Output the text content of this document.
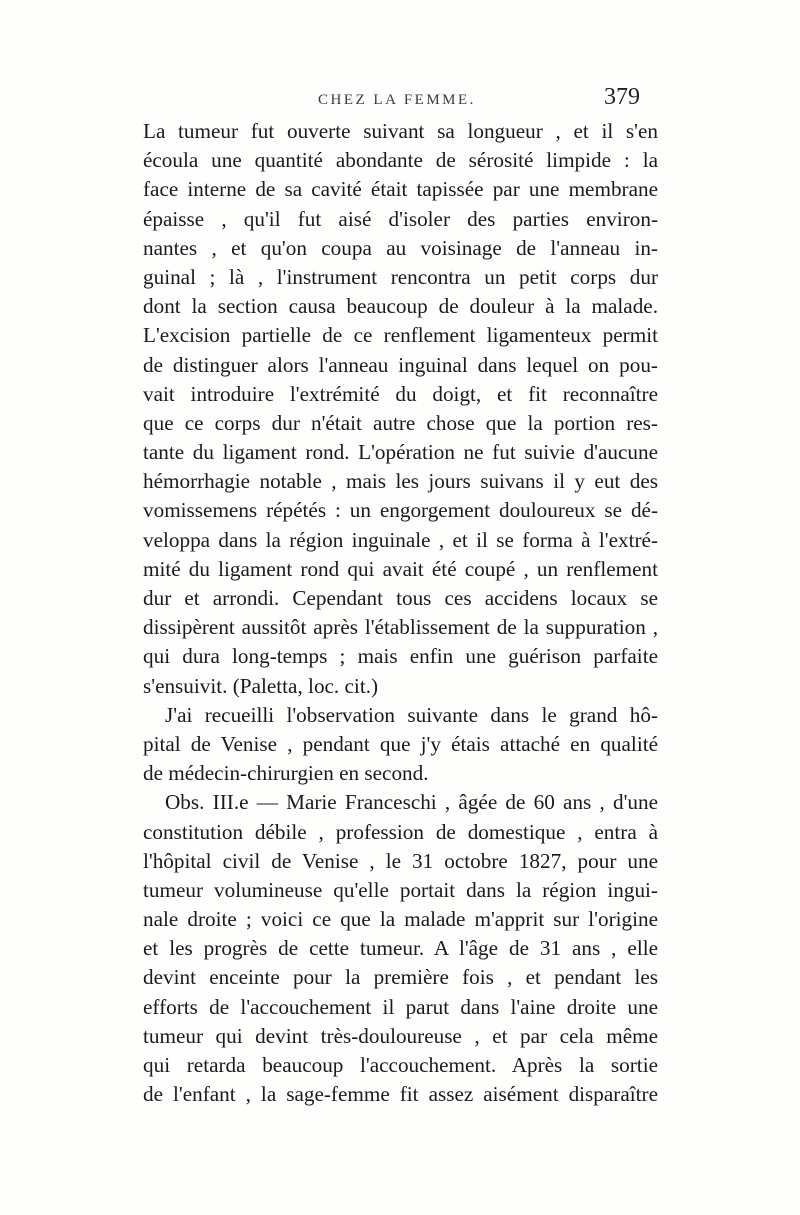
CHEZ LA FEMME.	379
La tumeur fut ouverte suivant sa longueur , et il s'en
écoula une quantité abondante de sérosité limpide : la
face interne de sa cavité était tapissée par une membrane
épaisse , qu'il fut aisé d'isoler des parties environ-
nantes , et qu'on coupa au voisinage de l'anneau in-
guinal ; là , l'instrument rencontra un petit corps dur
dont la section causa beaucoup de douleur à la malade.
L'excision partielle de ce renflement ligamenteux permit
de distinguer alors l'anneau inguinal dans lequel on pou-
vait introduire l'extrémité du doigt, et fit reconnaître
que ce corps dur n'était autre chose que la portion res-
tante du ligament rond. L'opération ne fut suivie d'aucune
hémorrhagie notable , mais les jours suivans il y eut des
vomissemens répétés : un engorgement douloureux se dé-
veloppa dans la région inguinale , et il se forma à l'extré-
mité du ligament rond qui avait été coupé , un renflement
dur et arrondi. Cependant tous ces accidens locaux se
dissipèrent aussitôt après l'établissement de la suppuration ,
qui dura long-temps ; mais enfin une guérison parfaite
s'ensuivit. (Paletta, loc. cit.)
J'ai recueilli l'observation suivante dans le grand hô-
pital de Venise , pendant que j'y étais attaché en qualité
de médecin-chirurgien en second.
Obs. III.e — Marie Franceschi , âgée de 60 ans , d'une
constitution débile , profession de domestique , entra à
l'hôpital civil de Venise , le 31 octobre 1827, pour une
tumeur volumineuse qu'elle portait dans la région ingui-
nale droite ; voici ce que la malade m'apprit sur l'origine
et les progrès de cette tumeur. A l'âge de 31 ans , elle
devint enceinte pour la première fois , et pendant les
efforts de l'accouchement il parut dans l'aine droite une
tumeur qui devint très-douloureuse , et par cela même
qui retarda beaucoup l'accouchement. Après la sortie
de l'enfant , la sage-femme fit assez aisément disparaître
